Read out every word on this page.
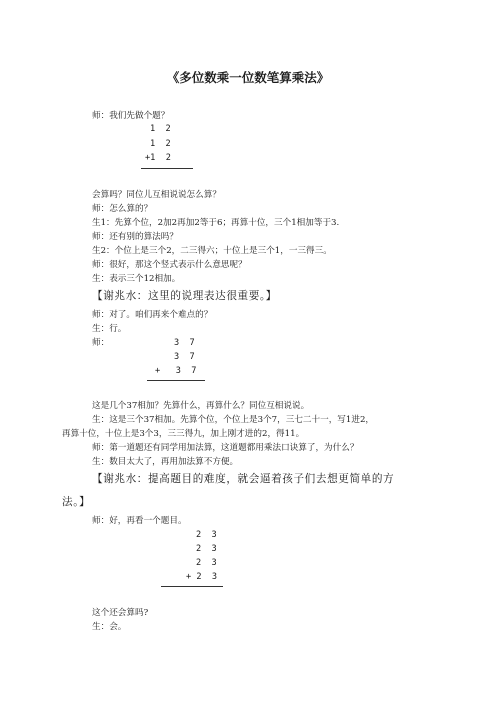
《多位数乘一位数笔算乘法》
师：我们先做个题？
1  2
1  2
+1  2
会算吗？同位儿互相说说怎么算？
师：怎么算的？
生1：先算个位，2加2再加2等于6；再算十位，三个1相加等于3.
师：还有别的算法吗？
生2：个位上是三个2，二三得六；十位上是三个1，一三得三。
师：很好，那这个竖式表示什么意思呢？
生：表示三个12相加。
【谢兆水：这里的说理表达很重要。】
师：对了。咱们再来个难点的？
生：行。
师：	3  7
3  7
+   3  7
这是几个37相加？先算什么，再算什么？同位互相说说。
生：这是三个37相加。先算个位，个位上是3个7，三七二十一，写1进2，
再算十位，十位上是3个3，三三得九，加上刚才进的2，得11。
师：第一道题还有同学用加法算，这道题都用乘法口诀算了，为什么？
生：数目太大了，再用加法算不方便。
【谢兆水：提高题目的难度，就会逼着孩子们去想更简单的方
法。】
师：好，再看一个题目。
2  3
2  3
2  3
+ 2  3
这个还会算吗?
生：会。
